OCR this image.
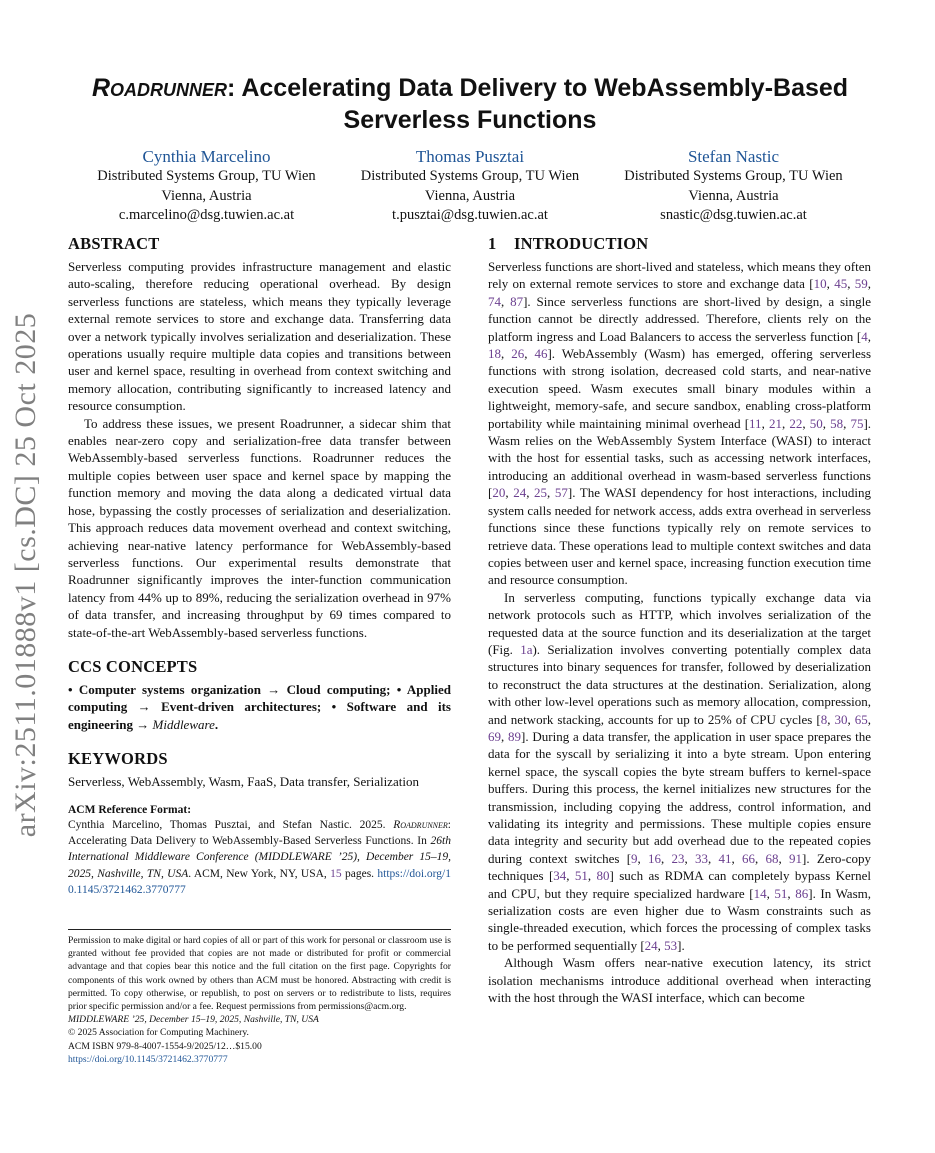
arXiv:2511.01888v1 [cs.DC] 25 Oct 2025
Roadrunner: Accelerating Data Delivery to WebAssembly-Based
Serverless Functions
Cynthia Marcelino
Distributed Systems Group, TU Wien
Vienna, Austria
c.marcelino@dsg.tuwien.ac.at
Thomas Pusztai
Distributed Systems Group, TU Wien
Vienna, Austria
t.pusztai@dsg.tuwien.ac.at
Stefan Nastic
Distributed Systems Group, TU Wien
Vienna, Austria
snastic@dsg.tuwien.ac.at
ABSTRACT

Serverless computing provides infrastructure management and elastic auto-scaling, therefore reducing operational overhead. By design serverless functions are stateless, which means they typically leverage external remote services to store and exchange data. Transferring data over a network typically involves serialization and deserialization. These operations usually require multiple data copies and transitions between user and kernel space, resulting in overhead from context switching and memory allocation, contributing significantly to increased latency and resource consumption.

To address these issues, we present Roadrunner, a sidecar shim that enables near-zero copy and serialization-free data transfer between WebAssembly-based serverless functions. Roadrunner reduces the multiple copies between user space and kernel space by mapping the function memory and moving the data along a dedicated virtual data hose, bypassing the costly processes of serialization and deserialization. This approach reduces data movement overhead and context switching, achieving near-native latency performance for WebAssembly-based serverless functions. Our experimental results demonstrate that Roadrunner significantly improves the inter-function communication latency from 44% up to 89%, reducing the serialization overhead in 97% of data transfer, and increasing throughput by 69 times compared to state-of-the-art WebAssembly-based serverless functions.

CCS CONCEPTS

• Computer systems organization → Cloud computing; • Applied computing → Event-driven architectures; • Software and its engineering → Middleware.

KEYWORDS

Serverless, WebAssembly, Wasm, FaaS, Data transfer, Serialization

ACM Reference Format:
Cynthia Marcelino, Thomas Pusztai, and Stefan Nastic. 2025. Roadrunner: Accelerating Data Delivery to WebAssembly-Based Serverless Functions. In 26th International Middleware Conference (MIDDLEWARE ’25), December 15–19, 2025, Nashville, TN, USA. ACM, New York, NY, USA, 15 pages. https://doi.org/10.1145/3721462.3770777
Permission to make digital or hard copies of all or part of this work for personal or classroom use is granted without fee provided that copies are not made or distributed for profit or commercial advantage and that copies bear this notice and the full citation on the first page. Copyrights for components of this work owned by others than ACM must be honored. Abstracting with credit is permitted. To copy otherwise, or republish, to post on servers or to redistribute to lists, requires prior specific permission and/or a fee. Request permissions from permissions@acm.org.
MIDDLEWARE ’25, December 15–19, 2025, Nashville, TN, USA
© 2025 Association for Computing Machinery.
ACM ISBN 979-8-4007-1554-9/2025/12…$15.00
https://doi.org/10.1145/3721462.3770777
1 INTRODUCTION

Serverless functions are short-lived and stateless, which means they often rely on external remote services to store and exchange data [10, 45, 59, 74, 87]. Since serverless functions are short-lived by design, a single function cannot be directly addressed. Therefore, clients rely on the platform ingress and Load Balancers to access the serverless function [4, 18, 26, 46]. WebAssembly (Wasm) has emerged, offering serverless functions with strong isolation, decreased cold starts, and near-native execution speed. Wasm executes small binary modules within a lightweight, memory-safe, and secure sandbox, enabling cross-platform portability while maintaining minimal overhead [11, 21, 22, 50, 58, 75]. Wasm relies on the WebAssembly System Interface (WASI) to interact with the host for essential tasks, such as accessing network interfaces, introducing an additional overhead in wasm-based serverless functions [20, 24, 25, 57]. The WASI dependency for host interactions, including system calls needed for network access, adds extra overhead in serverless functions since these functions typically rely on remote services to retrieve data. These operations lead to multiple context switches and data copies between user and kernel space, increasing function execution time and resource consumption.

In serverless computing, functions typically exchange data via network protocols such as HTTP, which involves serialization of the requested data at the source function and its deserialization at the target (Fig. 1a). Serialization involves converting potentially complex data structures into binary sequences for transfer, followed by deserialization to reconstruct the data structures at the destination. Serialization, along with other low-level operations such as memory allocation, compression, and network stacking, accounts for up to 25% of CPU cycles [8, 30, 65, 69, 89]. During a data transfer, the application in user space prepares the data for the syscall by serializing it into a byte stream. Upon entering kernel space, the syscall copies the byte stream buffers to kernel-space buffers. During this process, the kernel initializes new structures for the transmission, including copying the address, control information, and validating its integrity and permissions. These multiple copies ensure data integrity and security but add overhead due to the repeated copies during context switches [9, 16, 23, 33, 41, 66, 68, 91]. Zero-copy techniques [34, 51, 80] such as RDMA can completely bypass Kernel and CPU, but they require specialized hardware [14, 51, 86]. In Wasm, serialization costs are even higher due to Wasm constraints such as single-threaded execution, which forces the processing of complex tasks to be performed sequentially [24, 53].

Although Wasm offers near-native execution latency, its strict isolation mechanisms introduce additional overhead when interacting with the host through the WASI interface, which can become
